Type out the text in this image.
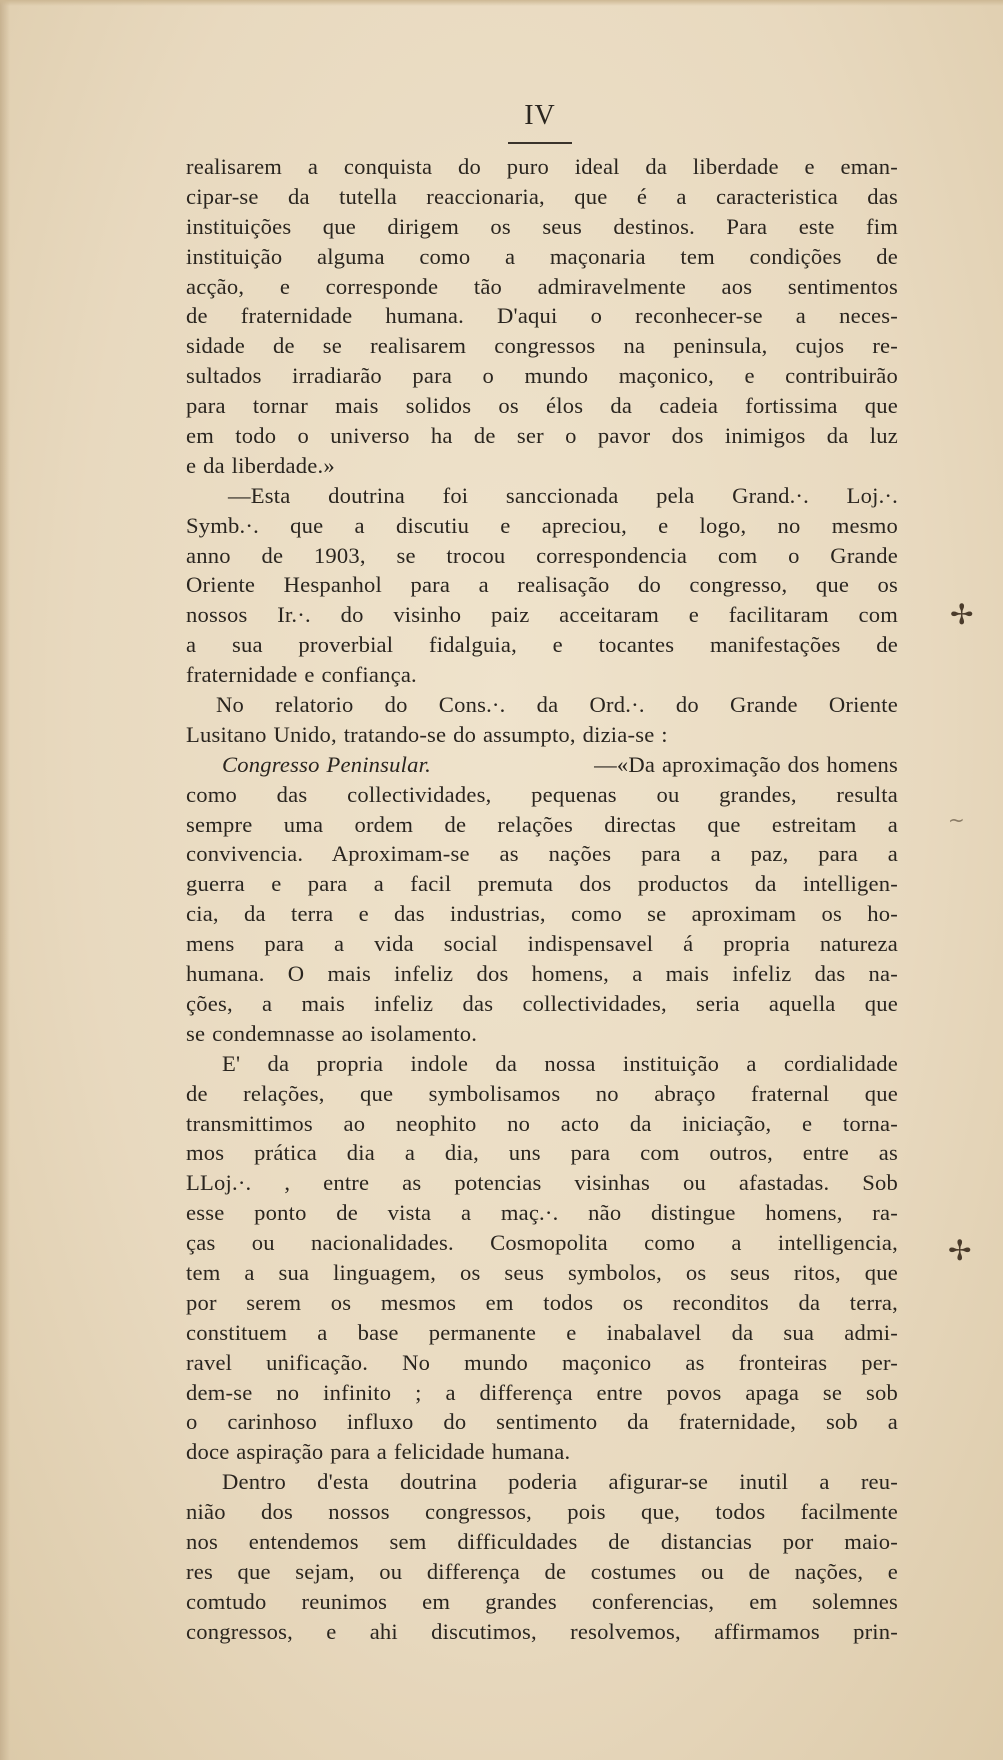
IV
realisarem a conquista do puro ideal da liberdade e eman-
cipar-se da tutella reaccionaria, que é a caracteristica das
instituições que dirigem os seus destinos. Para este fim
instituição alguma como a maçonaria tem condições de
acção, e corresponde tão admiravelmente aos sentimentos
de fraternidade humana. D'aqui o reconhecer-se a neces-
sidade de se realisarem congressos na peninsula, cujos re-
sultados irradiarão para o mundo maçonico, e contribuirão
para tornar mais solidos os élos da cadeia fortissima que
em todo o universo ha de ser o pavor dos inimigos da luz
e da liberdade.»
—Esta doutrina foi sanccionada pela Grand.·. Loj.·.
Symb.·. que a discutiu e apreciou, e logo, no mesmo
anno de 1903, se trocou correspondencia com o Grande
Oriente Hespanhol para a realisação do congresso, que os
nossos Ir.·. do visinho paiz acceitaram e facilitaram com
a sua proverbial fidalguia, e tocantes manifestações de
fraternidade e confiança.
No relatorio do Cons.·. da Ord.·. do Grande Oriente
Lusitano Unido, tratando-se do assumpto, dizia-se :
Congresso Peninsular.	—«Da aproximação dos homens
como das collectividades, pequenas ou grandes, resulta
sempre uma ordem de relações directas que estreitam a
convivencia. Aproximam-se as nações para a paz, para a
guerra e para a facil premuta dos productos da intelligen-
cia, da terra e das industrias, como se aproximam os ho-
mens para a vida social indispensavel á propria natureza
humana. O mais infeliz dos homens, a mais infeliz das na-
ções, a mais infeliz das collectividades, seria aquella que
se condemnasse ao isolamento.
E' da propria indole da nossa instituição a cordialidade
de relações, que symbolisamos no abraço fraternal que
transmittimos ao neophito no acto da iniciação, e torna-
mos prática dia a dia, uns para com outros, entre as
LLoj.·. , entre as potencias visinhas ou afastadas. Sob
esse ponto de vista a maç.·. não distingue homens, ra-
ças ou nacionalidades. Cosmopolita como a intelligencia,
tem a sua linguagem, os seus symbolos, os seus ritos, que
por serem os mesmos em todos os reconditos da terra,
constituem a base permanente e inabalavel da sua admi-
ravel unificação. No mundo maçonico as fronteiras per-
dem-se no infinito ; a differença entre povos apaga se sob
o carinhoso influxo do sentimento da fraternidade, sob a
doce aspiração para a felicidade humana.
Dentro d'esta doutrina poderia afigurar-se inutil a reu-
nião dos nossos congressos, pois que, todos facilmente
nos entendemos sem difficuldades de distancias por maio-
res que sejam, ou differença de costumes ou de nações, e
comtudo reunimos em grandes conferencias, em solemnes
congressos, e ahi discutimos, resolvemos, affirmamos prin-
✢
~
✢
